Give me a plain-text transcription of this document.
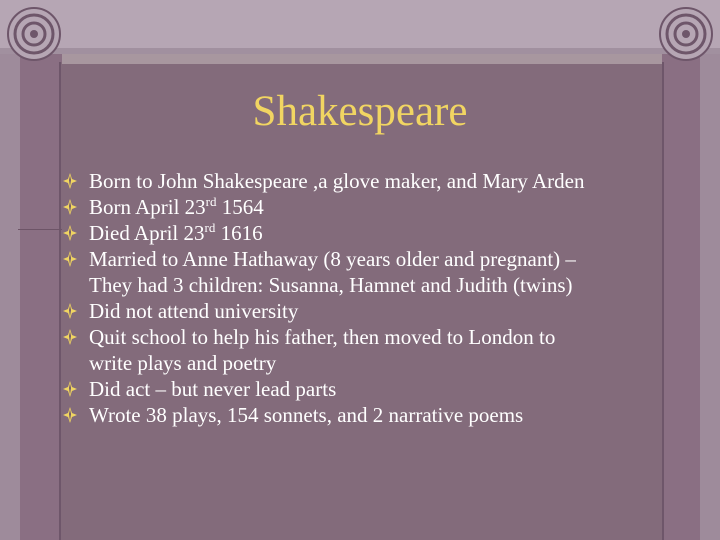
Shakespeare
Born to John Shakespeare ,a glove maker, and Mary Arden
Born April 23rd 1564
Died April 23rd 1616
Married to Anne Hathaway (8 years older and pregnant) –
They had 3 children: Susanna, Hamnet and Judith (twins)
Did not attend university
Quit school to help his father, then moved to London to
write plays and poetry
Did act – but never lead parts
Wrote 38 plays, 154 sonnets, and 2 narrative poems
